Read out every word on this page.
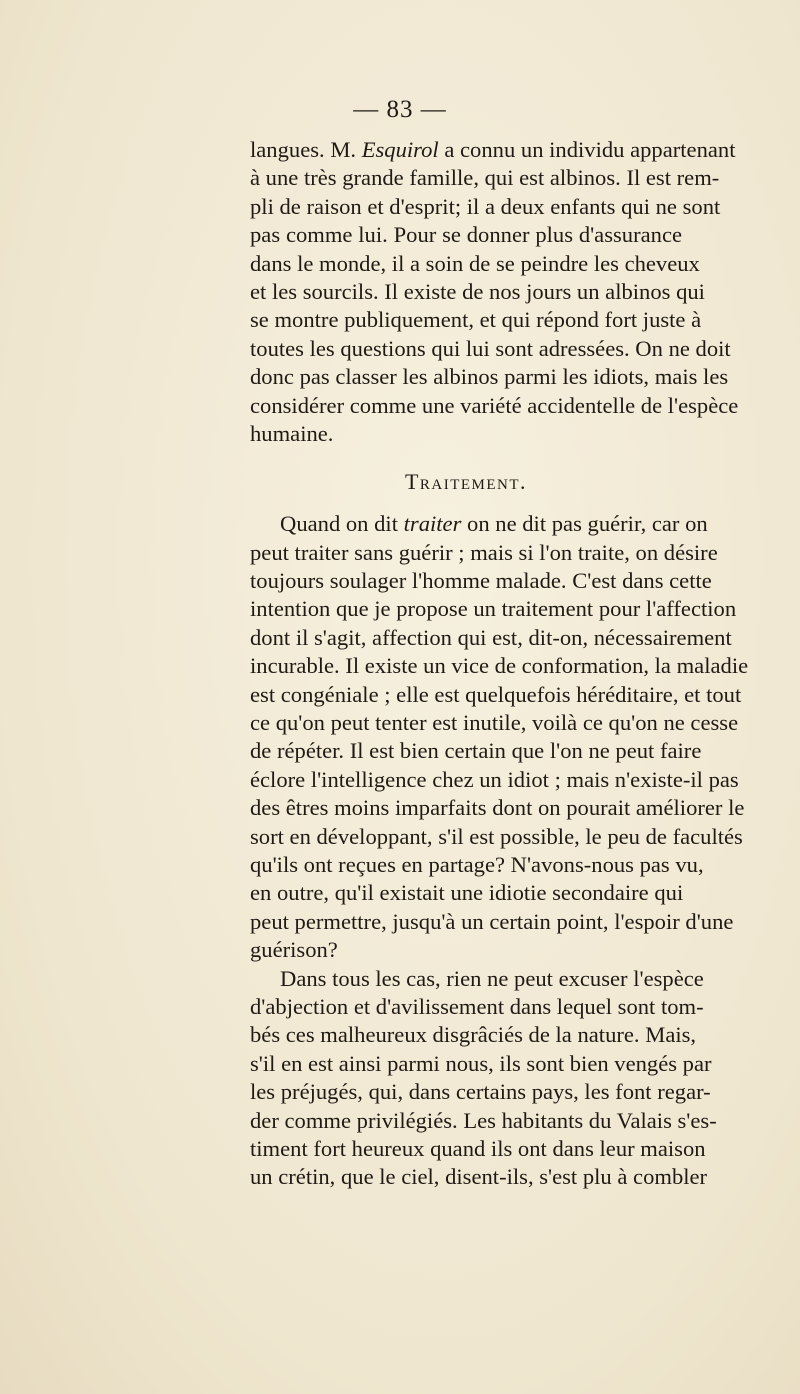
— 83 —
langues. M. Esquirol a connu un individu appartenant
à une très grande famille, qui est albinos. Il est rem-
pli de raison et d'esprit; il a deux enfants qui ne sont
pas comme lui. Pour se donner plus d'assurance
dans le monde, il a soin de se peindre les cheveux
et les sourcils. Il existe de nos jours un albinos qui
se montre publiquement, et qui répond fort juste à
toutes les questions qui lui sont adressées. On ne doit
donc pas classer les albinos parmi les idiots, mais les
considérer comme une variété accidentelle de l'espèce
humaine.
Traitement.
Quand on dit traiter on ne dit pas guérir, car on
peut traiter sans guérir ; mais si l'on traite, on désire
toujours soulager l'homme malade. C'est dans cette
intention que je propose un traitement pour l'affection
dont il s'agit, affection qui est, dit-on, nécessairement
incurable. Il existe un vice de conformation, la maladie
est congéniale ; elle est quelquefois héréditaire, et tout
ce qu'on peut tenter est inutile, voilà ce qu'on ne cesse
de répéter. Il est bien certain que l'on ne peut faire
éclore l'intelligence chez un idiot ; mais n'existe-il pas
des êtres moins imparfaits dont on pourait améliorer le
sort en développant, s'il est possible, le peu de facultés
qu'ils ont reçues en partage? N'avons-nous pas vu,
en outre, qu'il existait une idiotie secondaire qui
peut permettre, jusqu'à un certain point, l'espoir d'une
guérison?
Dans tous les cas, rien ne peut excuser l'espèce
d'abjection et d'avilissement dans lequel sont tom-
bés ces malheureux disgrâciés de la nature. Mais,
s'il en est ainsi parmi nous, ils sont bien vengés par
les préjugés, qui, dans certains pays, les font regar-
der comme privilégiés. Les habitants du Valais s'es-
timent fort heureux quand ils ont dans leur maison
un crétin, que le ciel, disent-ils, s'est plu à combler
